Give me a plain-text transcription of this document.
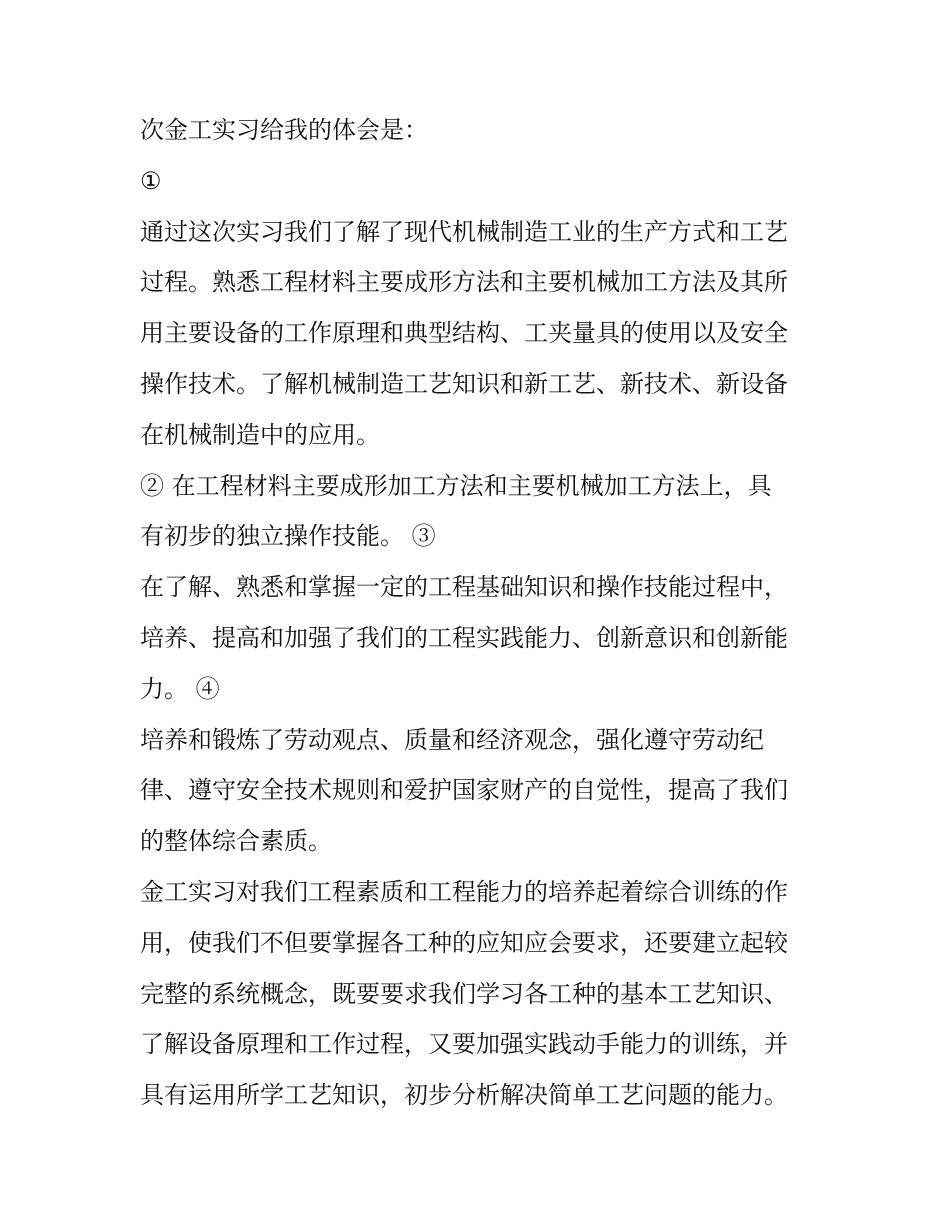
次金工实习给我的体会是：
①
通过这次实习我们了解了现代机械制造工业的生产方式和工艺
过程。熟悉工程材料主要成形方法和主要机械加工方法及其所
用主要设备的工作原理和典型结构、工夹量具的使用以及安全
操作技术。了解机械制造工艺知识和新工艺、新技术、新设备
在机械制造中的应用。
② 在工程材料主要成形加工方法和主要机械加工方法上，具
有初步的独立操作技能。 ③
在了解、熟悉和掌握一定的工程基础知识和操作技能过程中，
培养、提高和加强了我们的工程实践能力、创新意识和创新能
力。 ④
培养和锻炼了劳动观点、质量和经济观念，强化遵守劳动纪
律、遵守安全技术规则和爱护国家财产的自觉性，提高了我们
的整体综合素质。
金工实习对我们工程素质和工程能力的培养起着综合训练的作
用，使我们不但要掌握各工种的应知应会要求，还要建立起较
完整的系统概念，既要要求我们学习各工种的基本工艺知识、
了解设备原理和工作过程，又要加强实践动手能力的训练，并
具有运用所学工艺知识，初步分析解决简单工艺问题的能力。
